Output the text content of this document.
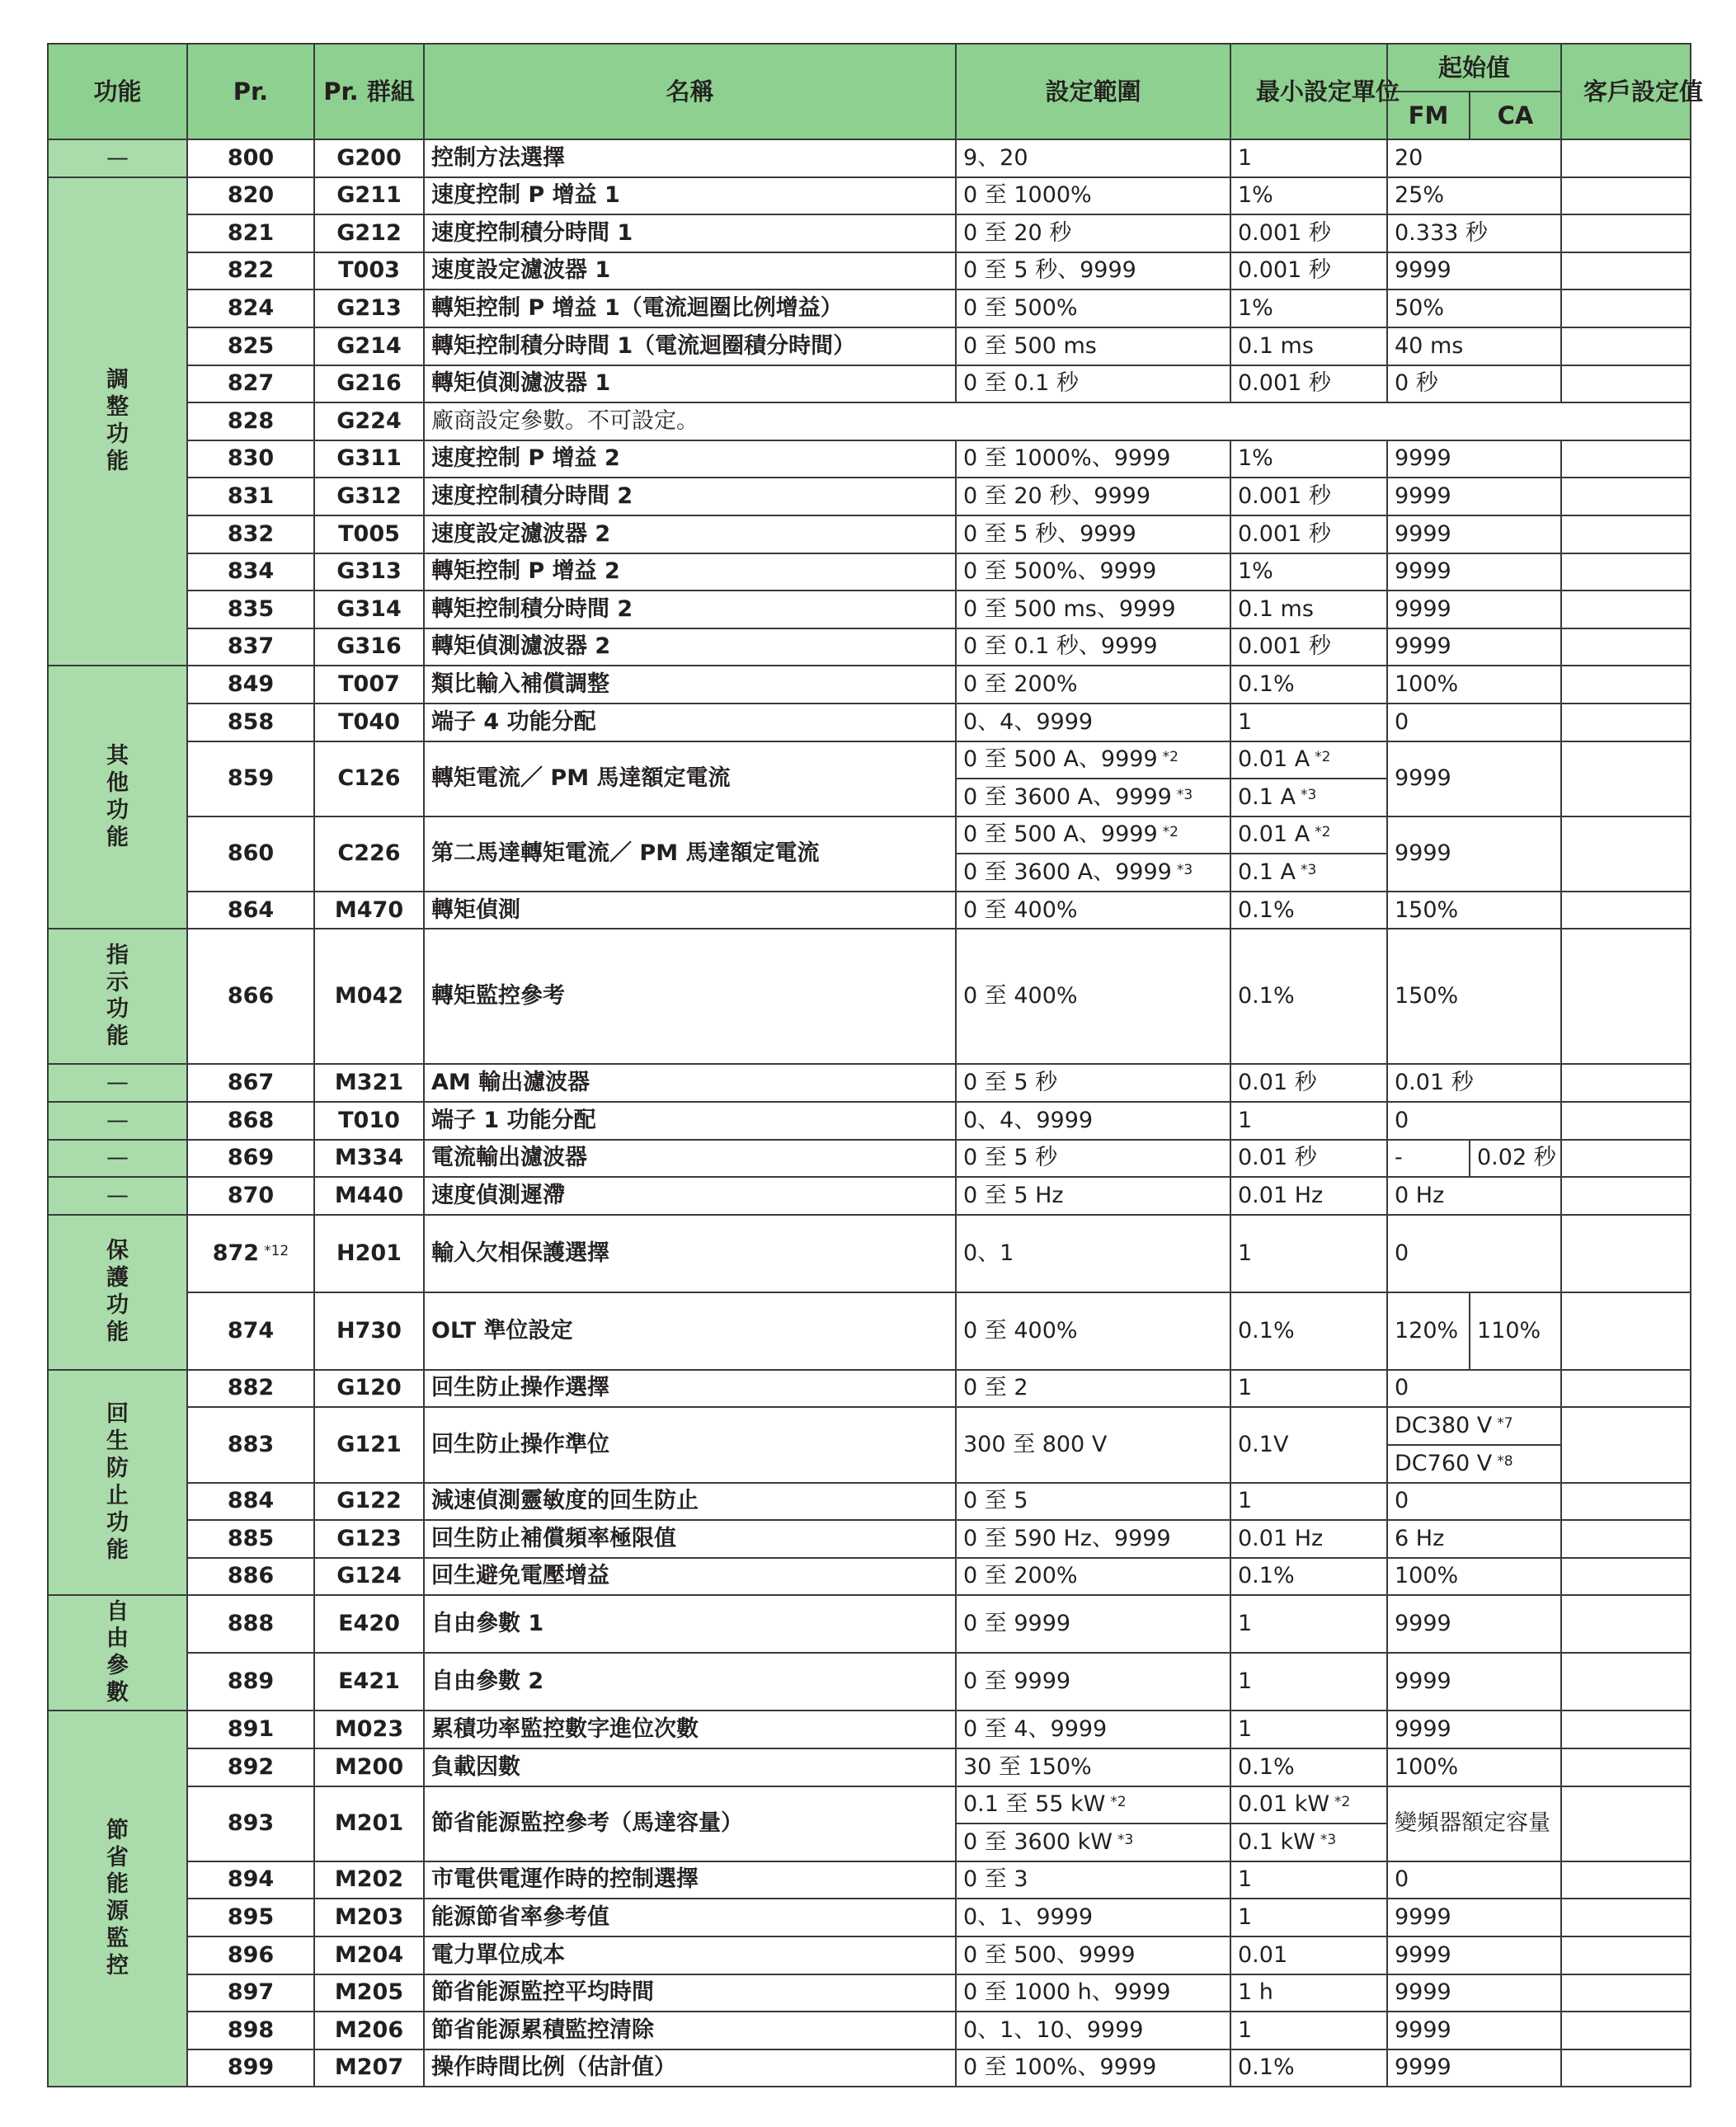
功能	Pr.	Pr. 群組	名稱	設定範圍	最小設定單位	起始值		客戶設定值
						FM	CA	
—	800	G200	控制方法選擇	9、20	1	20		
調整功能	820	G211	速度控制 P 增益 1	0 至 1000%	1%	25%		
	821	G212	速度控制積分時間 1	0 至 20 秒	0.001 秒	0.333 秒		
	822	T003	速度設定濾波器 1	0 至 5 秒、9999	0.001 秒	9999		
	824	G213	轉矩控制 P 增益 1（電流迴圈比例增益）	0 至 500%	1%	50%		
	825	G214	轉矩控制積分時間 1（電流迴圈積分時間）	0 至 500 ms	0.1 ms	40 ms		
	827	G216	轉矩偵測濾波器 1	0 至 0.1 秒	0.001 秒	0 秒		
	828	G224	廠商設定參數。不可設定。					
	830	G311	速度控制 P 增益 2	0 至 1000%、9999	1%	9999		
	831	G312	速度控制積分時間 2	0 至 20 秒、9999	0.001 秒	9999		
	832	T005	速度設定濾波器 2	0 至 5 秒、9999	0.001 秒	9999		
	834	G313	轉矩控制 P 增益 2	0 至 500%、9999	1%	9999		
	835	G314	轉矩控制積分時間 2	0 至 500 ms、9999	0.1 ms	9999		
	837	G316	轉矩偵測濾波器 2	0 至 0.1 秒、9999	0.001 秒	9999		
其他功能	849	T007	類比輸入補償調整	0 至 200%	0.1%	100%		
	858	T040	端子 4 功能分配	0、4、9999	1	0		
	859	C126	轉矩電流／ PM 馬達額定電流	0 至 500 A、9999 $^{*2}$	0.01 A $^{*2}$	9999		
				0 至 3600 A、9999 $^{*3}$	0.1 A $^{*3}$
	860	C226	第二馬達轉矩電流／ PM 馬達額定電流	0 至 500 A、9999 $^{*2}$	0.01 A $^{*2}$	9999		
				0 至 3600 A、9999 $^{*3}$	0.1 A $^{*3}$
	864	M470	轉矩偵測	0 至 400%	0.1%	150%		
指示功能	866	M042	轉矩監控參考	0 至 400%	0.1%	150%		
—	867	M321	AM 輸出濾波器	0 至 5 秒	0.01 秒	0.01 秒		
—	868	T010	端子 1 功能分配	0、4、9999	1	0		
—	869	M334	電流輸出濾波器	0 至 5 秒	0.01 秒	-	0.02 秒	
—	870	M440	速度偵測遲滯	0 至 5 Hz	0.01 Hz	0 Hz		
保護功能	872 $^{*12}$	H201	輸入欠相保護選擇	0、1	1	0		
	874	H730	OLT 準位設定	0 至 400%	0.1%	120%	110%	
回生防止功能	882	G120	回生防止操作選擇	0 至 2	1	0		
	883	G121	回生防止操作準位	300 至 800 V	0.1V	DC380 V $^{*7}$	
						DC760 V $^{*8}$
	884	G122	減速偵測靈敏度的回生防止	0 至 5	1	0		
	885	G123	回生防止補償頻率極限值	0 至 590 Hz、9999	0.01 Hz	6 Hz		
	886	G124	回生避免電壓增益	0 至 200%	0.1%	100%		
自由參數	888	E420	自由參數 1	0 至 9999	1	9999		
	889	E421	自由參數 2	0 至 9999	1	9999		
節省能源監控	891	M023	累積功率監控數字進位次數	0 至 4、9999	1	9999		
	892	M200	負載因數	30 至 150%	0.1%	100%		
	893	M201	節省能源監控參考（馬達容量）	0.1 至 55 kW $^{*2}$	0.01 kW $^{*2}$	變頻器額定容量		
				0 至 3600 kW $^{*3}$	0.1 kW $^{*3}$
	894	M202	市電供電運作時的控制選擇	0 至 3	1	0		
	895	M203	能源節省率參考值	0、1、9999	1	9999		
	896	M204	電力單位成本	0 至 500、9999	0.01	9999		
	897	M205	節省能源監控平均時間	0 至 1000 h、9999	1 h	9999		
	898	M206	節省能源累積監控清除	0、1、10、9999	1	9999		
	899	M207	操作時間比例（估計值）	0 至 100%、9999	0.1%	9999		
